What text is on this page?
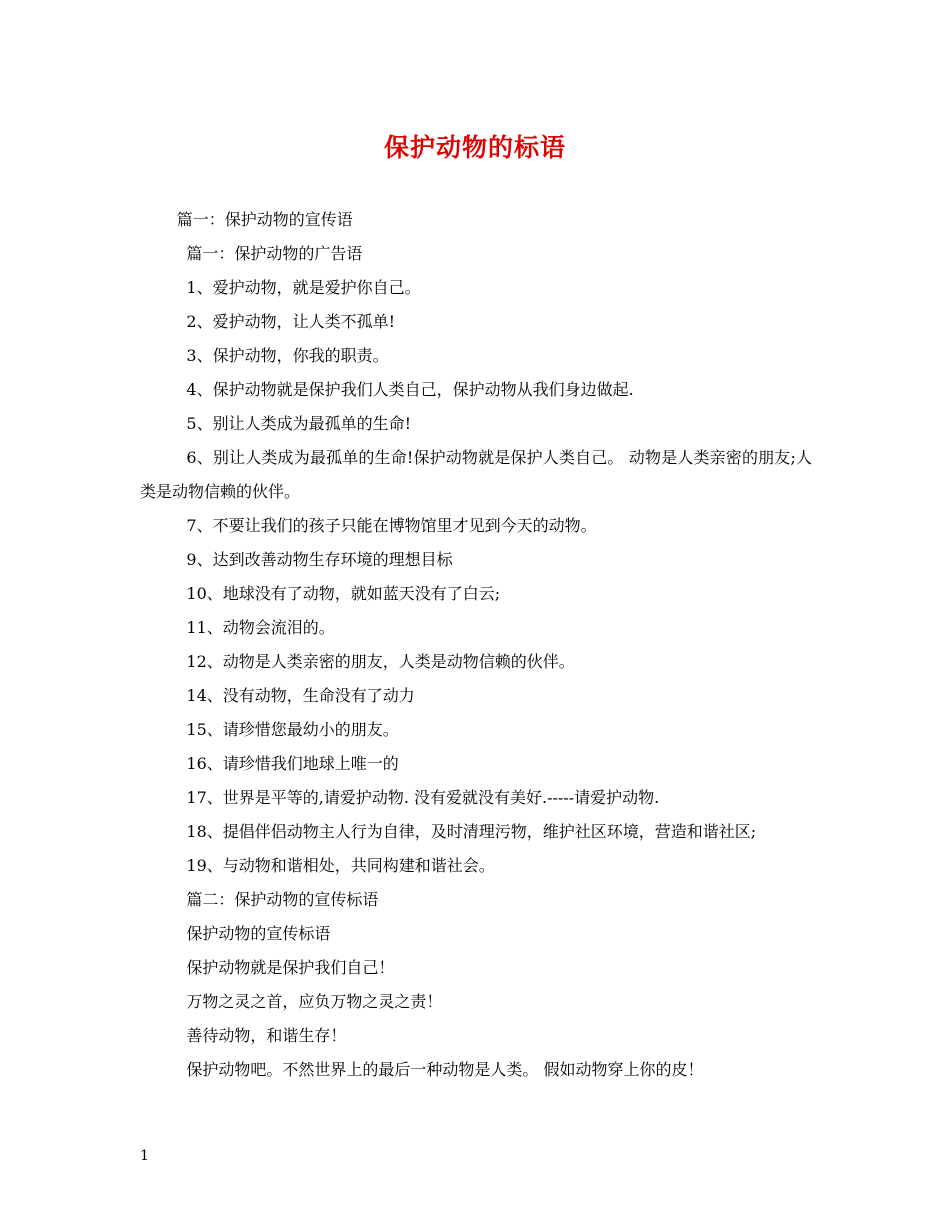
保护动物的标语

篇一：保护动物的宣传语

篇一：保护动物的广告语

1、爱护动物，就是爱护你自己。

2、爱护动物，让人类不孤单!

3、保护动物，你我的职责。

4、保护动物就是保护我们人类自己，保护动物从我们身边做起.

5、别让人类成为最孤单的生命!

6、别让人类成为最孤单的生命!保护动物就是保护人类自己。 动物是人类亲密的朋友;人类是动物信赖的伙伴。

7、不要让我们的孩子只能在博物馆里才见到今天的动物。

9、达到改善动物生存环境的理想目标

10、地球没有了动物，就如蓝天没有了白云;

11、动物会流泪的。

12、动物是人类亲密的朋友，人类是动物信赖的伙伴。

14、没有动物，生命没有了动力

15、请珍惜您最幼小的朋友。

16、请珍惜我们地球上唯一的

17、世界是平等的,请爱护动物. 没有爱就没有美好.-----请爱护动物.

18、提倡伴侣动物主人行为自律，及时清理污物，维护社区环境，营造和谐社区;

19、与动物和谐相处，共同构建和谐社会。

篇二：保护动物的宣传标语

保护动物的宣传标语

保护动物就是保护我们自己！

万物之灵之首，应负万物之灵之责！

善待动物，和谐生存！

保护动物吧。不然世界上的最后一种动物是人类。 假如动物穿上你的皮！

1
